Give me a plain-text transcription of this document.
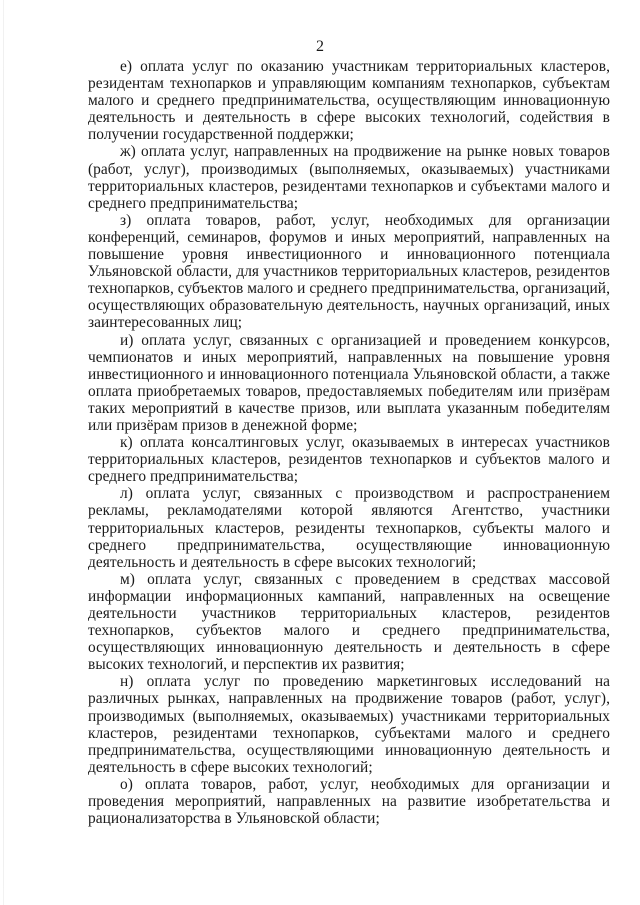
2

е) оплата услуг по оказанию участникам территориальных кластеров, резидентам технопарков и управляющим компаниям технопарков, субъектам малого и среднего предпринимательства, осуществляющим инновационную деятельность и деятельность в сфере высоких технологий, содействия в получении государственной поддержки;

ж) оплата услуг, направленных на продвижение на рынке новых товаров (работ, услуг), производимых (выполняемых, оказываемых) участниками территориальных кластеров, резидентами технопарков и субъектами малого и среднего предпринимательства;

з) оплата товаров, работ, услуг, необходимых для организации конференций, семинаров, форумов и иных мероприятий, направленных на повышение уровня инвестиционного и инновационного потенциала Ульяновской области, для участников территориальных кластеров, резидентов технопарков, субъектов малого и среднего предпринимательства, организаций, осуществляющих образовательную деятельность, научных организаций, иных заинтересованных лиц;

и) оплата услуг, связанных с организацией и проведением конкурсов, чемпионатов и иных мероприятий, направленных на повышение уровня инвестиционного и инновационного потенциала Ульяновской области, а также оплата приобретаемых товаров, предоставляемых победителям или призёрам таких мероприятий в качестве призов, или выплата указанным победителям или призёрам призов в денежной форме;

к) оплата консалтинговых услуг, оказываемых в интересах участников территориальных кластеров, резидентов технопарков и субъектов малого и среднего предпринимательства;

л) оплата услуг, связанных с производством и распространением рекламы, рекламодателями которой являются Агентство, участники территориальных кластеров, резиденты технопарков, субъекты малого и среднего предпринимательства, осуществляющие инновационную деятельность и деятельность в сфере высоких технологий;

м) оплата услуг, связанных с проведением в средствах массовой информации информационных кампаний, направленных на освещение деятельности участников территориальных кластеров, резидентов технопарков, субъектов малого и среднего предпринимательства, осуществляющих инновационную деятельность и деятельность в сфере высоких технологий, и перспектив их развития;

н) оплата услуг по проведению маркетинговых исследований на различных рынках, направленных на продвижение товаров (работ, услуг), производимых (выполняемых, оказываемых) участниками территориальных кластеров, резидентами технопарков, субъектами малого и среднего предпринимательства, осуществляющими инновационную деятельность и деятельность в сфере высоких технологий;

о) оплата товаров, работ, услуг, необходимых для организации и проведения мероприятий, направленных на развитие изобретательства и рационализаторства в Ульяновской области;
